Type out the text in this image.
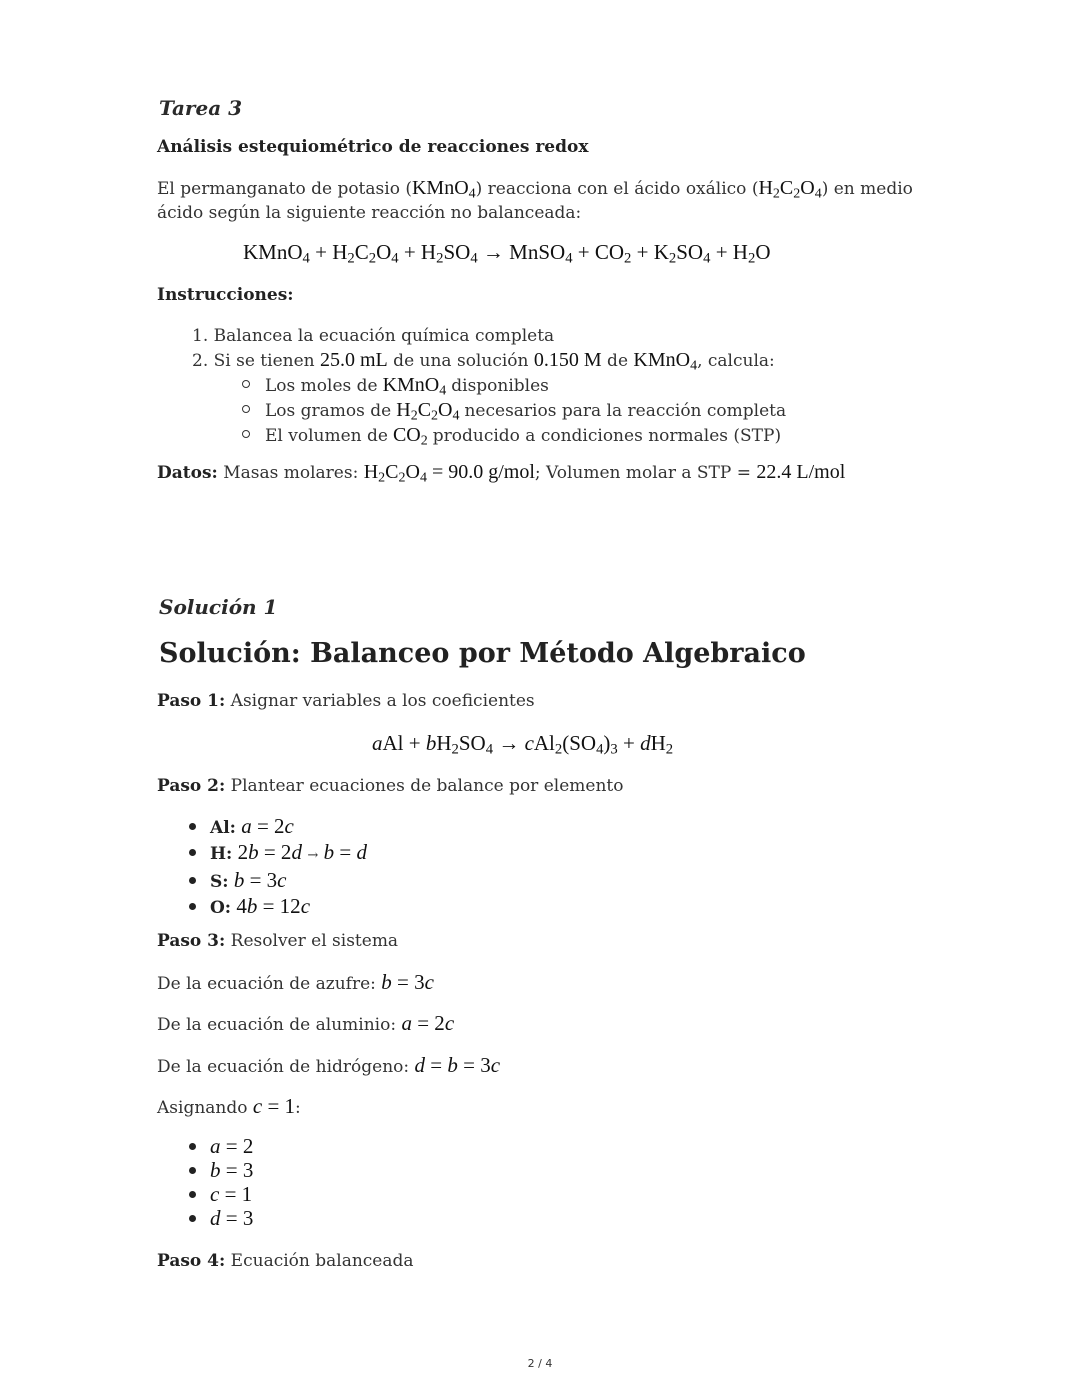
Tarea 3
Análisis estequiométrico de reacciones redox
El permanganato de potasio (KMnO$_4$) reacciona con el ácido oxálico $(H_2C_2O_4)$ en medio
ácido según la siguiente reacción no balanceada:
KMnO$_4$ + $H_2C_2O_4 + H_2SO_4$ → MnSO$_4$ + $CO_2 + K_2SO_4 + H_2O$
Instrucciones:
1. Balancea la ecuación química completa
2. Si se tienen 25.0 mL de una solución 0.150 M de KMnO$_4$, calcula:
Los moles de KMnO$_4$ disponibles
Los gramos de $H_2C_2O_4$ necesarios para la reacción completa
El volumen de $CO_2$ producido a condiciones normales (STP)
Datos: Masas molares: $H_2C_2O_4 = 90.0$ g/mol; Volumen molar a STP = 22.4 L/mol
Solución 1
Solución: Balanceo por Método Algebraico
Paso 1: Asignar variables a los coeficientes
aAl + $bH_2SO_4 \to cAl_2(SO_4)_3 + dH_2$
Paso 2: Plantear ecuaciones de balance por elemento
Al: a = 2c
H: 2b = 2d
→
b = d
S: b = 3c
O: 4b = 12c
Paso 3: Resolver el sistema
De la ecuación de azufre: b = 3c
De la ecuación de aluminio: a = 2c
De la ecuación de hidrógeno: d = b = 3c
Asignando c = 1:
a = 2
b = 3
c = 1
d = 3
Paso 4: Ecuación balanceada
2 / 4
